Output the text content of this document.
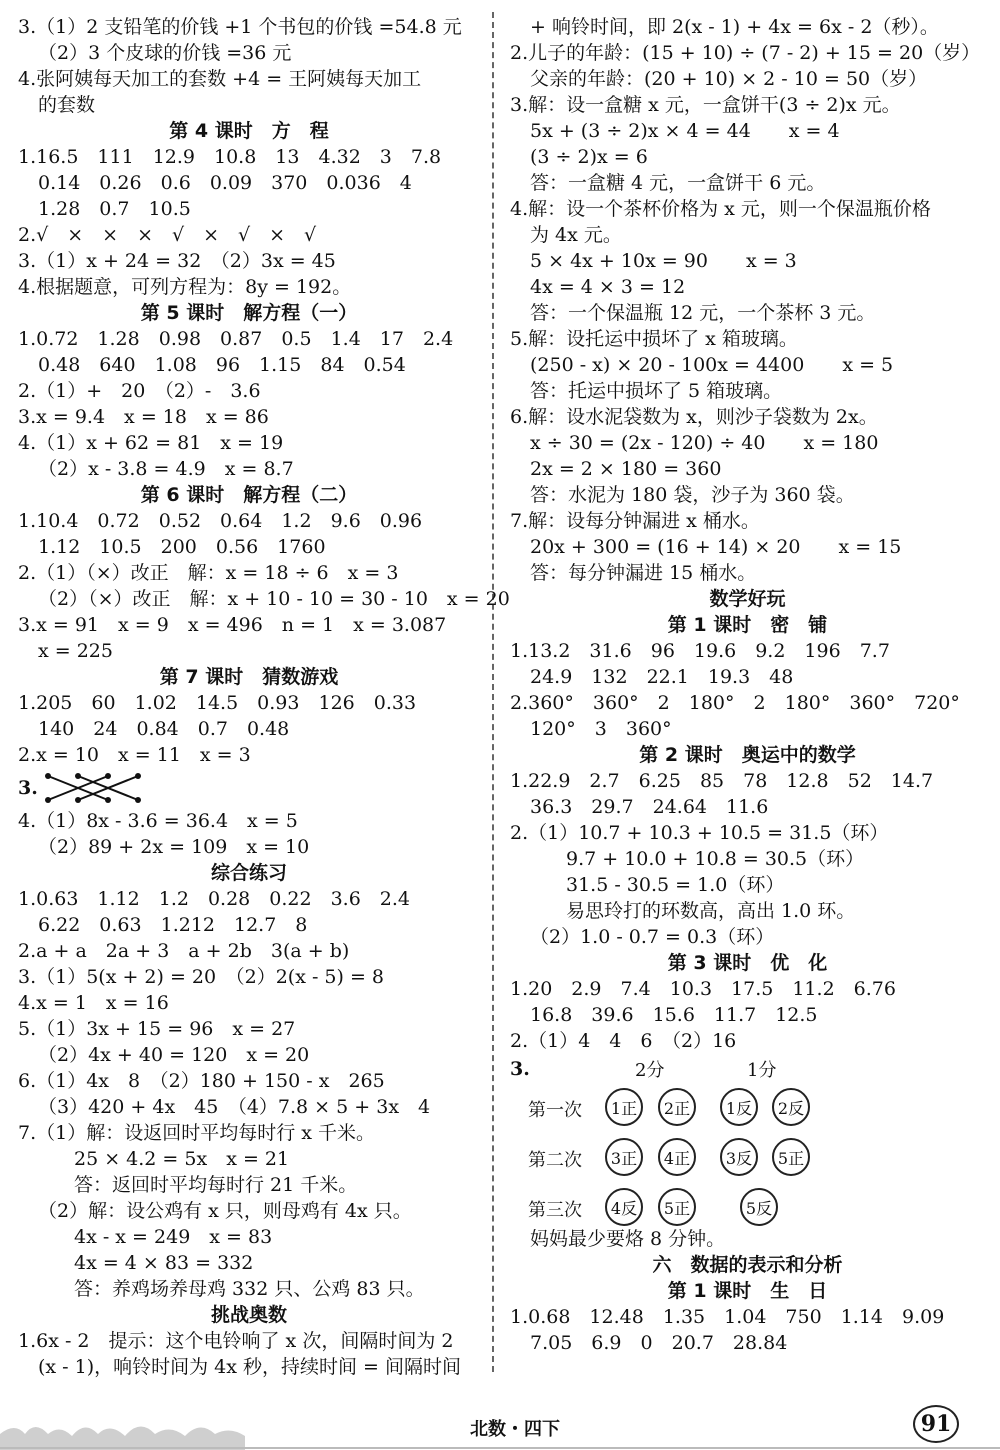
3.（1）2 支铅笔的价钱 +1 个书包的价钱 =54.8 元
（2）3 个皮球的价钱 =36 元
4.张阿姨每天加工的套数 +4 = 王阿姨每天加工
的套数
第 4 课时　方　程
1.16.5　111　12.9　10.8　13　4.32　3　7.8
0.14　0.26　0.6　0.09　370　0.036　4
1.28　0.7　10.5
2.√　×　×　×　√　×　√　×　√
3.（1）x + 24 = 32　（2）3x = 45
4.根据题意，可列方程为：8y = 192。
第 5 课时　解方程（一）
1.0.72　1.28　0.98　0.87　0.5　1.4　17　2.4
0.48　640　1.08　96　1.15　84　0.54
2.（1）+　20　（2）-　3.6
3.x = 9.4　x = 18　x = 86
4.（1）x + 62 = 81　x = 19
（2）x - 3.8 = 4.9　x = 8.7
第 6 课时　解方程（二）
1.10.4　0.72　0.52　0.64　1.2　9.6　0.96
1.12　10.5　200　0.56　1760
2.（1）（×）改正　解：x = 18 ÷ 6　x = 3
（2）（×）改正　解：x + 10 - 10 = 30 - 10　x = 20
3.x = 91　x = 9　x = 496　n = 1　x = 3.087
x = 225
第 7 课时　猜数游戏
1.205　60　1.02　14.5　0.93　126　0.33
140　24　0.84　0.7　0.48
2.x = 10　x = 11　x = 3
3.
4.（1）8x - 3.6 = 36.4　x = 5
（2）89 + 2x = 109　x = 10
综合练习
1.0.63　1.12　1.2　0.28　0.22　3.6　2.4
6.22　0.63　1.212　12.7　8
2.a + a　2a + 3　a + 2b　3(a + b)
3.（1）5(x + 2) = 20　（2）2(x - 5) = 8
4.x = 1　x = 16
5.（1）3x + 15 = 96　x = 27
（2）4x + 40 = 120　x = 20
6.（1）4x　8　（2）180 + 150 - x　265
（3）420 + 4x　45　（4）7.8 × 5 + 3x　4
7.（1）解：设返回时平均每时行 x 千米。
25 × 4.2 = 5x　x = 21
答：返回时平均每时行 21 千米。
（2）解：设公鸡有 x 只，则母鸡有 4x 只。
4x - x = 249　x = 83
4x = 4 × 83 = 332
答：养鸡场养母鸡 332 只、公鸡 83 只。
挑战奥数
1.6x - 2　提示：这个电铃响了 x 次，间隔时间为 2
(x - 1)，响铃时间为 4x 秒，持续时间 = 间隔时间
+ 响铃时间，即 2(x - 1) + 4x = 6x - 2（秒）。
2.儿子的年龄：(15 + 10) ÷ (7 - 2) + 15 = 20（岁）
父亲的年龄：(20 + 10) × 2 - 10 = 50（岁）
3.解：设一盒糖 x 元，一盒饼干(3 ÷ 2)x 元。
5x + (3 ÷ 2)x × 4 = 44　　x = 4
(3 ÷ 2)x = 6
答：一盒糖 4 元，一盒饼干 6 元。
4.解：设一个茶杯价格为 x 元，则一个保温瓶价格
为 4x 元。
5 × 4x + 10x = 90　　x = 3
4x = 4 × 3 = 12
答：一个保温瓶 12 元，一个茶杯 3 元。
5.解：设托运中损坏了 x 箱玻璃。
(250 - x) × 20 - 100x = 4400　　x = 5
答：托运中损坏了 5 箱玻璃。
6.解：设水泥袋数为 x，则沙子袋数为 2x。
x ÷ 30 = (2x - 120) ÷ 40　　x = 180
2x = 2 × 180 = 360
答：水泥为 180 袋，沙子为 360 袋。
7.解：设每分钟漏进 x 桶水。
20x + 300 = (16 + 14) × 20　　x = 15
答：每分钟漏进 15 桶水。
数学好玩
第 1 课时　密　铺
1.13.2　31.6　96　19.6　9.2　196　7.7
24.9　132　22.1　19.3　48
2.360°　360°　2　180°　2　180°　360°　720°
120°　3　360°
第 2 课时　奥运中的数学
1.22.9　2.7　6.25　85　78　12.8　52　14.7
36.3　29.7　24.64　11.6
2.（1）10.7 + 10.3 + 10.5 = 31.5（环）
9.7 + 10.0 + 10.8 = 30.5（环）
31.5 - 30.5 = 1.0（环）
易思玲打的环数高，高出 1.0 环。
（2）1.0 - 0.7 = 0.3（环）
第 3 课时　优　化
1.20　2.9　7.4　10.3　17.5　11.2　6.76
16.8　39.6　15.6　11.7　12.5
2.（1）4　4　6　（2）16
3.	2分	1分
第一次	1正	2正	1反	2反
第二次	3正	4正	3反	5正
第三次	4反	5正	5反
妈妈最少要烙 8 分钟。
六　数据的表示和分析
第 1 课时　生　日
1.0.68　12.48　1.35　1.04　750　1.14　9.09
7.05　6.9　0　20.7　28.84
北数・四下	91
